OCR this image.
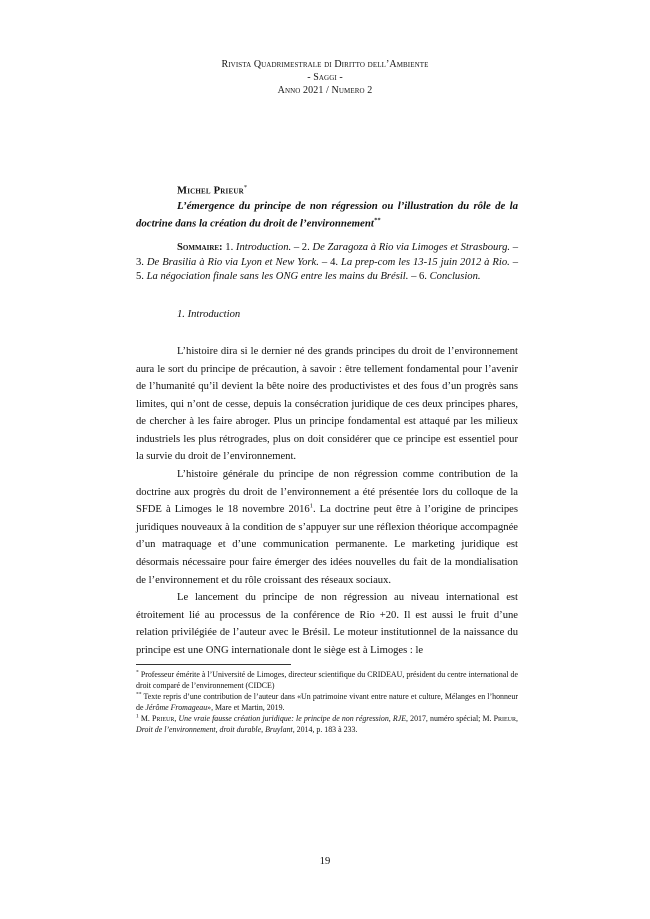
Rivista Quadrimestrale di Diritto dell’Ambiente
- Saggi -
Anno 2021 / Numero 2
Michel Prieur*
L’émergence du principe de non régression ou l’illustration du rôle de la doctrine dans la création du droit de l’environnement**
Sommaire: 1. Introduction. – 2. De Zaragoza à Rio via Limoges et Strasbourg. – 3. De Brasilia à Rio via Lyon et New York. – 4. La prep-com les 13-15 juin 2012 à Rio. – 5. La négociation finale sans les ONG entre les mains du Brésil. – 6. Conclusion.
1. Introduction

L’histoire dira si le dernier né des grands principes du droit de l’environnement aura le sort du principe de précaution, à savoir : être tellement fondamental pour l’avenir de l’humanité qu’il devient la bête noire des productivistes et des fous d’un progrès sans limites, qui n’ont de cesse, depuis la consécration juridique de ces deux principes phares, de chercher à les faire abroger. Plus un principe fondamental est attaqué par les milieux industriels les plus rétrogrades, plus on doit considérer que ce principe est essentiel pour la survie du droit de l’environnement.

L’histoire générale du principe de non régression comme contribution de la doctrine aux progrès du droit de l’environnement a été présentée lors du colloque de la SFDE à Limoges le 18 novembre 2016$^1$. La doctrine peut être à l’origine de principes juridiques nouveaux à la condition de s’appuyer sur une réflexion théorique accompagnée d’un matraquage et d’une communication permanente. Le marketing juridique est désormais nécessaire pour faire émerger des idées nouvelles du fait de la mondialisation de l’environnement et du rôle croissant des réseaux sociaux.

Le lancement du principe de non régression au niveau international est étroitement lié au processus de la conférence de Rio +20. Il est aussi le fruit d’une relation privilégiée de l’auteur avec le Brésil. Le moteur institutionnel de la naissance du principe est une ONG internationale dont le siège est à Limoges : le

* Professeur émérite à l’Université de Limoges, directeur scientifique du CRIDEAU, président du centre international de droit comparé de l’environnement (CIDCE)

** Texte repris d’une contribution de l’auteur dans «Un patrimoine vivant entre nature et culture, Mélanges en l’honneur de Jérôme Fromageau», Mare et Martin, 2019.

$^1$ M. Prieur, Une vraie fausse création juridique: le principe de non régression, RJE, 2017, numéro spécial; M. Prieur, Droit de l’environnement, droit durable, Bruylant, 2014, p. 183 à 233.

19
